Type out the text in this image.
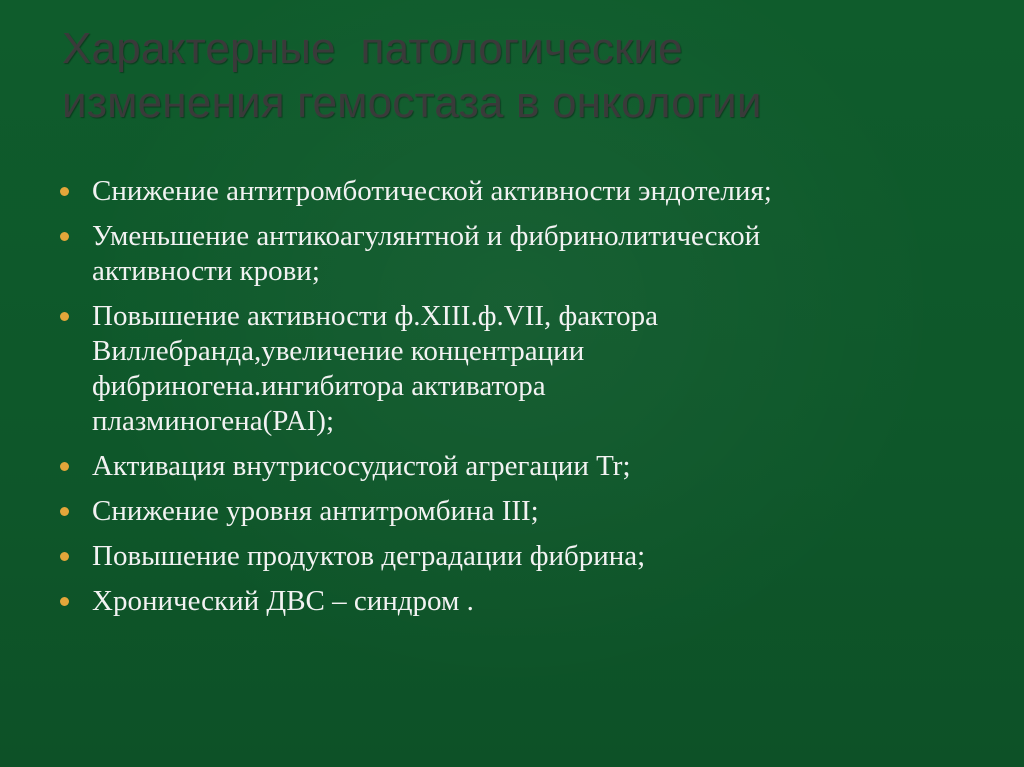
Характерные  патологические
изменения гемостаза в онкологии
Снижение антитромботической активности эндотелия;
Уменьшение антикоагулянтной и фибринолитической
активности крови;
Повышение активности ф.XIII.ф.VII, фактора
Виллебранда,увеличение концентрации
фибриногена.ингибитора активатора
плазминогена(PAI);
Активация внутрисосудистой агрегации Tr;
Снижение уровня антитромбина III;
Повышение продуктов деградации фибрина;
Хронический ДВС – синдром .
